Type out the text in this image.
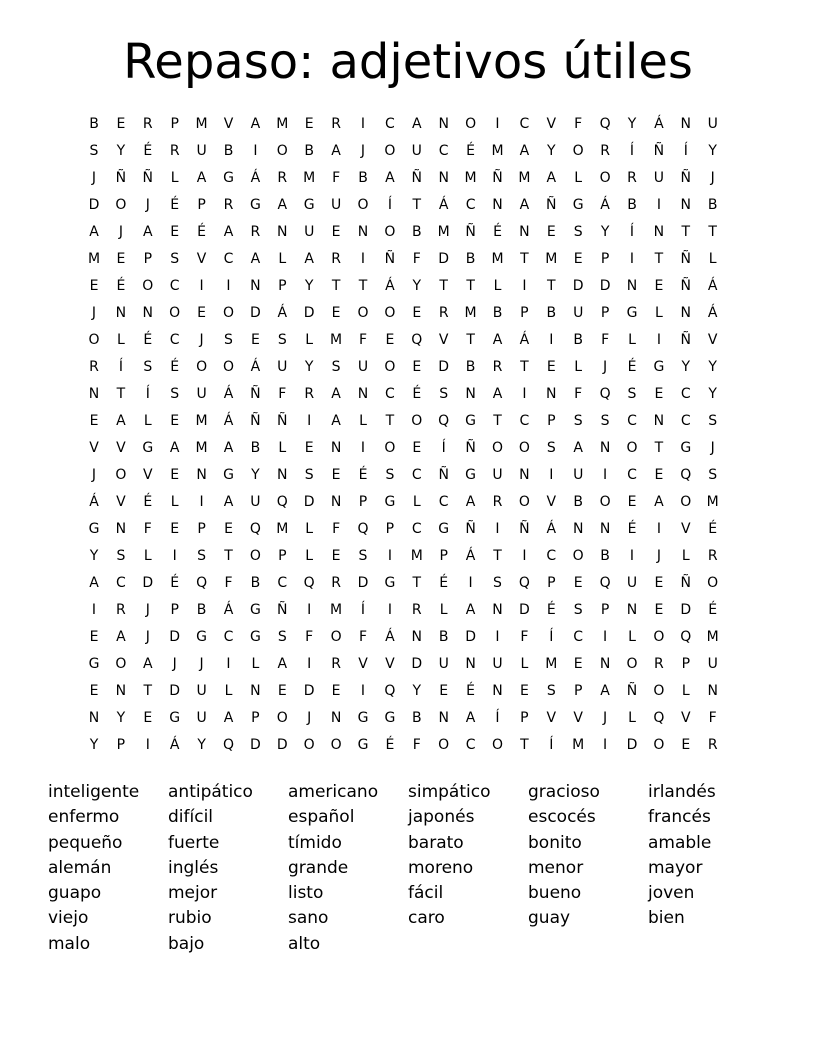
Repaso: adjetivos útiles
B	E	R	P	M	V	A	M	E	R	I	C	A	N	O	I	C	V	F	Q	Y	Á	N	U
S	Y	É	R	U	B	I	O	B	A	J	O	U	C	É	M	A	Y	O	R	Í	Ñ	Í	Y
J	Ñ	Ñ	L	A	G	Á	R	M	F	B	A	Ñ	N	M	Ñ	M	A	L	O	R	U	Ñ	J
D	O	J	É	P	R	G	A	G	U	O	Í	T	Á	C	N	A	Ñ	G	Á	B	I	N	B
A	J	A	E	É	A	R	N	U	E	N	O	B	M	Ñ	É	N	E	S	Y	Í	N	T	T
M	E	P	S	V	C	A	L	A	R	I	Ñ	F	D	B	M	T	M	E	P	I	T	Ñ	L
E	É	O	C	I	I	N	P	Y	T	T	Á	Y	T	T	L	I	T	D	D	N	E	Ñ	Á
J	N	N	O	E	O	D	Á	D	E	O	O	E	R	M	B	P	B	U	P	G	L	N	Á
O	L	É	C	J	S	E	S	L	M	F	E	Q	V	T	A	Á	I	B	F	L	I	Ñ	V
R	Í	S	É	O	O	Á	U	Y	S	U	O	E	D	B	R	T	E	L	J	É	G	Y	Y
N	T	Í	S	U	Á	Ñ	F	R	A	N	C	É	S	N	A	I	N	F	Q	S	E	C	Y
E	A	L	E	M	Á	Ñ	Ñ	I	A	L	T	O	Q	G	T	C	P	S	S	C	N	C	S
V	V	G	A	M	A	B	L	E	N	I	O	E	Í	Ñ	O	O	S	A	N	O	T	G	J
J	O	V	E	N	G	Y	N	S	E	É	S	C	Ñ	G	U	N	I	U	I	C	E	Q	S
Á	V	É	L	I	A	U	Q	D	N	P	G	L	C	A	R	O	V	B	O	E	A	O	M
G	N	F	E	P	E	Q	M	L	F	Q	P	C	G	Ñ	I	Ñ	Á	N	N	É	I	V	É
Y	S	L	I	S	T	O	P	L	E	S	I	M	P	Á	T	I	C	O	B	I	J	L	R
A	C	D	É	Q	F	B	C	Q	R	D	G	T	É	I	S	Q	P	E	Q	U	E	Ñ	O
I	R	J	P	B	Á	G	Ñ	I	M	Í	I	R	L	A	N	D	É	S	P	N	E	D	É
E	A	J	D	G	C	G	S	F	O	F	Á	N	B	D	I	F	Í	C	I	L	O	Q	M
G	O	A	J	J	I	L	A	I	R	V	V	D	U	N	U	L	M	E	N	O	R	P	U
E	N	T	D	U	L	N	E	D	E	I	Q	Y	E	É	N	E	S	P	A	Ñ	O	L	N
N	Y	E	G	U	A	P	O	J	N	G	G	B	N	A	Í	P	V	V	J	L	Q	V	F
Y	P	I	Á	Y	Q	D	D	O	O	G	É	F	O	C	O	T	Í	M	I	D	O	E	R
inteligente
enfermo
pequeño
alemán
guapo
viejo
malo
antipático
difícil
fuerte
inglés
mejor
rubio
bajo
americano
español
tímido
grande
listo
sano
alto
simpático
japonés
barato
moreno
fácil
caro
gracioso
escocés
bonito
menor
bueno
guay
irlandés
francés
amable
mayor
joven
bien
